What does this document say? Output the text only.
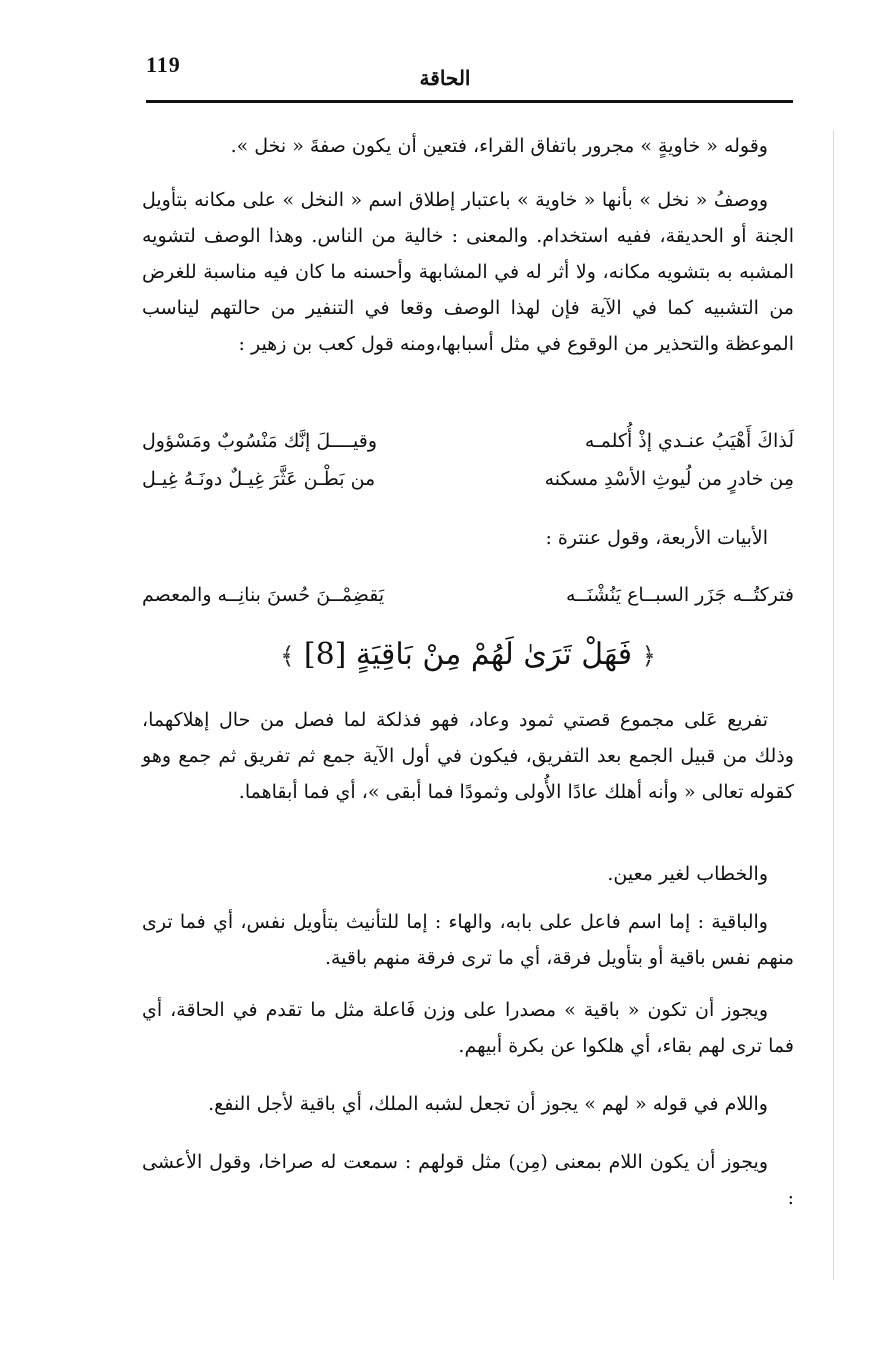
119
الحاقة

وقوله « خاويةٍ » مجرور باتفاق القراء، فتعين أن يكون صفةَ « نخل ».

ووصفُ « نخل » بأنها « خاوية » باعتبار إطلاق اسم « النخل » على مكانه بتأويل الجنة أو الحديقة، ففيه استخدام. والمعنى : خالية من الناس. وهذا الوصف لتشويه المشبه به بتشويه مكانه، ولا أثر له في المشابهة وأحسنه ما كان فيه مناسبة للغرض من التشبيه كما في الآية فإن لهذا الوصف وقعا في التنفير من حالتهم ليناسب الموعظة والتحذير من الوقوع في مثل أسبابها،ومنه قول كعب بن زهير :

لَذاكَ أَهْيَبُ عنـدي إذْ أُكلمـه
وقيــــلَ إنَّك مَنْسُوبٌ ومَسْؤول
مِن خادرٍ من لُيوثِ الأسْدِ مسكنه
من بَطْـن عَثَّرَ غِيـلٌ دونَـهُ غِيـل

الأبيات الأربعة، وقول عنترة :

فتركتُــه جَزَر السبــاع يَنُشْنَــه
يَقضِمْــنَ حُسنَ بنانِــه والمعصم
﴿ فَهَلْ تَرَىٰ لَهُمْ مِنْ بَاقِيَةٍ [8] ﴾

تفريع عَلى مجموع قصتي ثمود وعاد، فهو فذلكة لما فصل من حال إهلاكهما، وذلك من قبيل الجمع بعد التفريق، فيكون في أول الآية جمع ثم تفريق ثم جمع وهو كقوله تعالى « وأنه أهلك عادًا الأُولى وثمودًا فما أبقى »، أي فما أبقاهما.

والخطاب لغير معين.

والباقية : إما اسم فاعل على بابه، والهاء : إما للتأنيث بتأويل نفس، أي فما ترى منهم نفس باقية أو بتأويل فرقة، أي ما ترى فرقة منهم باقية.

ويجوز أن تكون « باقية » مصدرا على وزن فَاعلة مثل ما تقدم في الحاقة، أي فما ترى لهم بقاء، أي هلكوا عن بكرة أبيهم.

واللام في قوله « لهم » يجوز أن تجعل لشبه الملك، أي باقية لأجل النفع.

ويجوز أن يكون اللام بمعنى (مِن) مثل قولهم : سمعت له صراخا، وقول الأعشى :
